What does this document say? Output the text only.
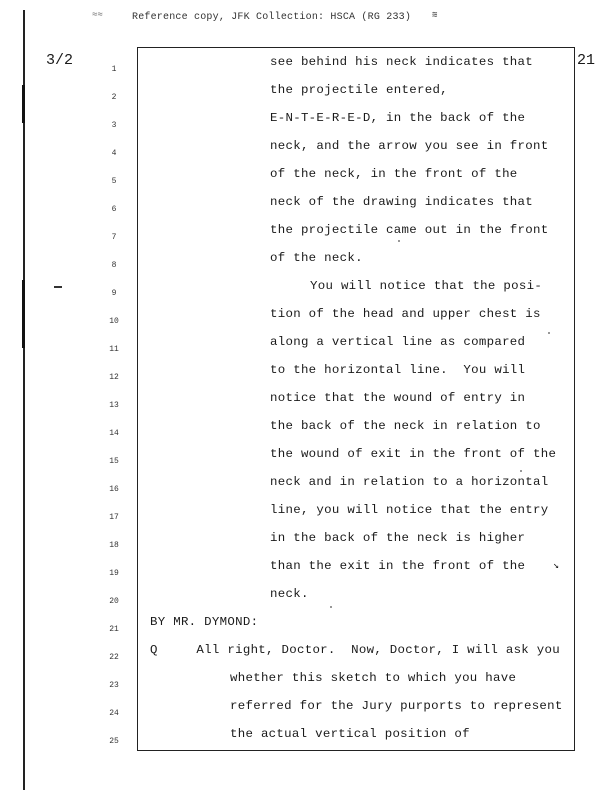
Reference copy, JFK Collection: HSCA (RG 233)
≈≈	≋
3/2	21
1
see behind his neck indicates that
2
the projectile entered,
3
E-N-T-E-R-E-D, in the back of the
4
neck, and the arrow you see in front
5
of the neck, in the front of the
6
neck of the drawing indicates that
7
the projectile came out in the front
8
of the neck.
9
You will notice that the posi-
10
tion of the head and upper chest is
11
along a vertical line as compared
12
to the horizontal line.  You will
13
notice that the wound of entry in
14
the back of the neck in relation to
15
the wound of exit in the front of the
16
neck and in relation to a horizontal
17
line, you will notice that the entry
18
in the back of the neck is higher
19
than the exit in the front of the
20
neck.
21
BY MR. DYMOND:
22
Q     All right, Doctor.  Now, Doctor, I will ask you
23
whether this sketch to which you have
24
referred for the Jury purports to represent
25
the actual vertical position of
↘
